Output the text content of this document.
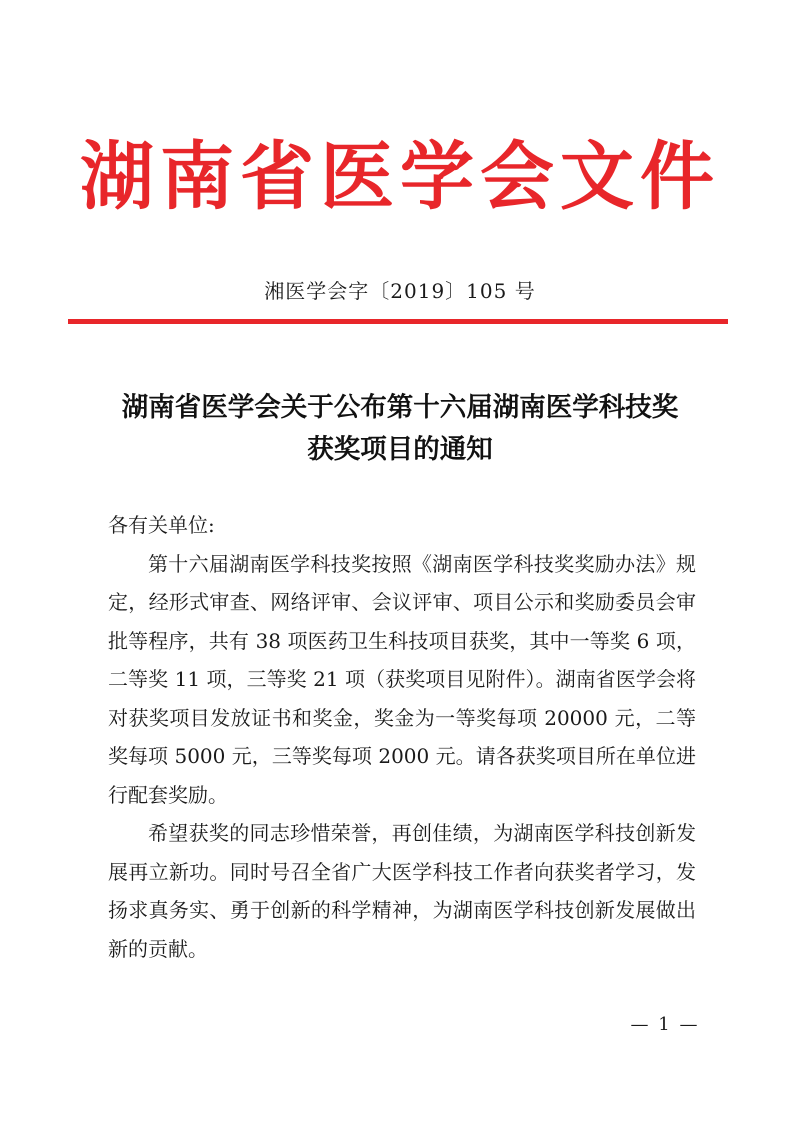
湖南省医学会文件
湘医学会字〔2019〕105 号
湖南省医学会关于公布第十六届湖南医学科技奖
获奖项目的通知

各有关单位:

第十六届湖南医学科技奖按照《湖南医学科技奖奖励办法》规定，经形式审查、网络评审、会议评审、项目公示和奖励委员会审批等程序，共有 38 项医药卫生科技项目获奖，其中一等奖 6 项，二等奖 11 项，三等奖 21 项（获奖项目见附件）。湖南省医学会将对获奖项目发放证书和奖金，奖金为一等奖每项 20000 元，二等奖每项 5000 元，三等奖每项 2000 元。请各获奖项目所在单位进行配套奖励。

希望获奖的同志珍惜荣誉，再创佳绩，为湖南医学科技创新发展再立新功。同时号召全省广大医学科技工作者向获奖者学习，发扬求真务实、勇于创新的科学精神，为湖南医学科技创新发展做出新的贡献。

— 1 —
